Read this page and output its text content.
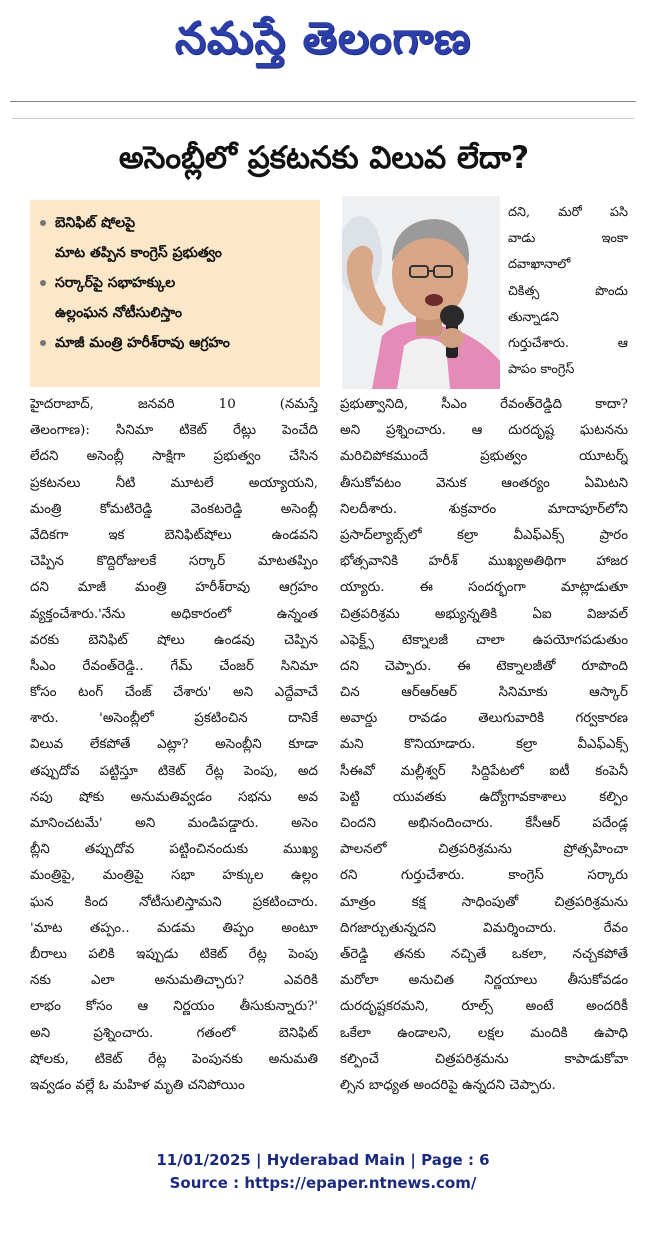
నమస్తే తెలంగాణ
అసెంబ్లీలో ప్రకటనకు విలువ లేదా?
బెనిఫిట్ షోలపై
మాట తప్పిన కాంగ్రెస్ ప్రభుత్వం
సర్కార్‌పై సభాహక్కుల
ఉల్లంఘన నోటీసులిస్తాం
మాజీ మంత్రి హరీశ్‌రావు ఆగ్రహం
దని, మరో పసి
వాడు ఇంకా
దవాఖానాలో
చికిత్స పొందు
తున్నాడని
గుర్తుచేశారు. ఆ
పాపం కాంగ్రెస్
హైదరాబాద్, జనవరి 10 (నమస్తే
తెలంగాణ): సినిమా టికెట్ రేట్లు పెంచేది
లేదని అసెంబ్లీ సాక్షిగా ప్రభుత్వం చేసిన
ప్రకటనలు నీటి మూటలే అయ్యాయని,
మంత్రి కోమటిరెడ్డి వెంకటరెడ్డి అసెంబ్లీ
వేదికగా ఇక బెనిఫిట్‌షోలు ఉండవని
చెప్పిన కొద్దిరోజులకే సర్కార్ మాటతప్పిం
దని మాజీ మంత్రి హరీశ్‌రావు ఆగ్రహం
వ్యక్తంచేశారు.'నేను అధికారంలో ఉన్నంత
వరకు బెనిఫిట్ షోలు ఉండవు చెప్పిన
సీఎం రేవంత్‌రెడ్డి.. గేమ్ చేంజర్ సినిమా
కోసం టంగ్ చేంజ్ చేశారు' అని ఎద్దేవాచే
శారు. 'అసెంబ్లీలో ప్రకటించిన దానికే
విలువ లేకపోతే ఎట్లా? అసెంబ్లీని కూడా
తప్పుదోవ పట్టిస్తూ టికెట్ రేట్ల పెంపు, అద
నపు షోకు అనుమతివ్వడం సభను అవ
మానించటమే' అని మండిపడ్డారు. అసెం
బ్లీని తప్పుదోవ పట్టించినందుకు ముఖ్య
మంత్రిపై, మంత్రిపై సభా హక్కుల ఉల్లం
ఘన కింద నోటీసులిస్తామని ప్రకటించారు.
'మాట తప్పం.. మడమ తిప్పం అంటూ
బీరాలు పలికి ఇప్పుడు టికెట్ రేట్ల పెంపు
నకు ఎలా అనుమతిచ్చారు? ఎవరికి
లాభం కోసం ఆ నిర్ణయం తీసుకున్నారు?'
అని ప్రశ్నించారు. గతంలో బెనిఫిట్
షోలకు, టికెట్ రేట్ల పెంపునకు అనుమతి
ఇవ్వడం వల్లే ఓ మహిళ మృతి చనిపోయిం
ప్రభుత్వానిది, సీఎం రేవంత్‌రెడ్డిది కాదా?
అని ప్రశ్నించారు. ఆ దురదృష్ట ఘటనను
మరిచిపోకముందే ప్రభుత్వం యూటర్న్
తీసుకోవటం వెనుక ఆంతర్యం ఏమిటని
నిలదీశారు. శుక్రవారం మాదాపూర్‌లోని
ప్రసాద్‌ల్యాబ్స్‌లో కల్రా వీఎఫ్‌ఎక్స్ ప్రారం
భోత్సవానికి హరీశ్ ముఖ్యఅతిథిగా హాజర
య్యారు. ఈ సందర్భంగా మాట్లాడుతూ
చిత్రపరిశ్రమ అభ్యున్నతికి ఏఐ విజువల్
ఎఫెక్ట్స్ టెక్నాలజీ చాలా ఉపయోగపడుతుం
దని చెప్పారు. ఈ టెక్నాలజీతో రూపొంది
చిన ఆర్‌ఆర్‌ఆర్ సినిమాకు ఆస్కార్
అవార్డు రావడం తెలుగువారికి గర్వకారణ
మని కొనియాడారు. కల్రా వీఎఫ్‌ఎక్స్
సీఈవో మల్లీశ్వర్ సిద్దిపేటలో ఐటీ కంపెనీ
పెట్టి యువతకు ఉద్యోగావకాశాలు కల్పిం
చిందని అభినందించారు. కేసీఆర్ పదేండ్ల
పాలనలో చిత్రపరిశ్రమను ప్రోత్సహించా
రని గుర్తుచేశారు. కాంగ్రెస్ సర్కారు
మాత్రం కక్ష సాధింపుతో చిత్రపరిశ్రమను
దిగజార్చుతున్నదని విమర్శించారు. రేవం
త్‌రెడ్డి తనకు నచ్చితే ఒకలా, నచ్చకపోతే
మరోలా అనుచిత నిర్ణయాలు తీసుకోవడం
దురదృష్టకరమని, రూల్స్ అంటే అందరికీ
ఒకేలా ఉండాలని, లక్షల మందికి ఉపాధి
కల్పించే చిత్రపరిశ్రమను కాపాడుకోవా
ల్సిన బాధ్యత అందరిపై ఉన్నదని చెప్పారు.
11/01/2025 | Hyderabad Main | Page : 6
Source : https://epaper.ntnews.com/
